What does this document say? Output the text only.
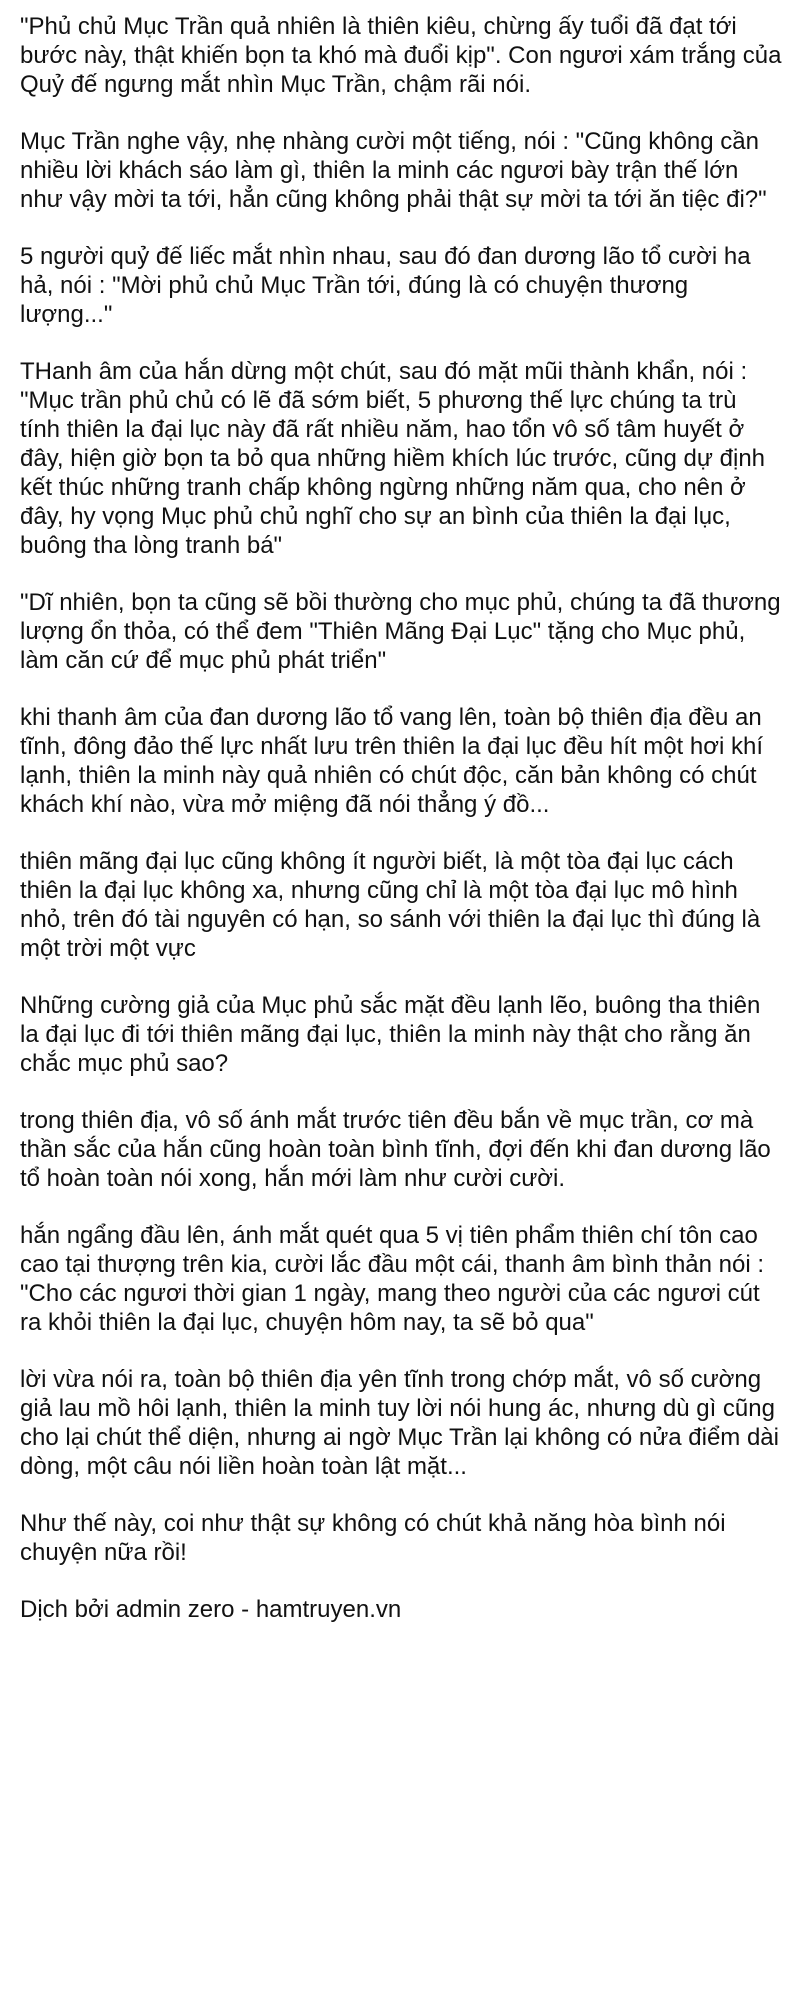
"Phủ chủ Mục Trần quả nhiên là thiên kiêu, chừng ấy tuổi đã đạt tới bước này, thật khiến bọn ta khó mà đuổi kịp". Con ngươi xám trắng của Quỷ đế ngưng mắt nhìn Mục Trần, chậm rãi nói.

Mục Trần nghe vậy, nhẹ nhàng cười một tiếng, nói : "Cũng không cần nhiều lời khách sáo làm gì, thiên la minh các ngươi bày trận thế lớn như vậy mời ta tới, hẳn cũng không phải thật sự mời ta tới ăn tiệc đi?"

5 người quỷ đế liếc mắt nhìn nhau, sau đó đan dương lão tổ cười ha hả, nói : "Mời phủ chủ Mục Trần tới, đúng là có chuyện thương lượng..."

THanh âm của hắn dừng một chút, sau đó mặt mũi thành khẩn, nói : "Mục trần phủ chủ có lẽ đã sớm biết, 5 phương thế lực chúng ta trù tính thiên la đại lục này đã rất nhiều năm, hao tổn vô số tâm huyết ở đây, hiện giờ bọn ta bỏ qua những hiềm khích lúc trước, cũng dự định kết thúc những tranh chấp không ngừng những năm qua, cho nên ở đây, hy vọng Mục phủ chủ nghĩ cho sự an bình của thiên la đại lục, buông tha lòng tranh bá"

"Dĩ nhiên, bọn ta cũng sẽ bồi thường cho mục phủ, chúng ta đã thương lượng ổn thỏa, có thể đem "Thiên Mãng Đại Lục" tặng cho Mục phủ, làm căn cứ để mục phủ phát triển"

khi thanh âm của đan dương lão tổ vang lên, toàn bộ thiên địa đều an tĩnh, đông đảo thế lực nhất lưu trên thiên la đại lục đều hít một hơi khí lạnh, thiên la minh này quả nhiên có chút độc, căn bản không có chút khách khí nào, vừa mở miệng đã nói thẳng ý đồ...

thiên mãng đại lục cũng không ít người biết, là một tòa đại lục cách thiên la đại lục không xa, nhưng cũng chỉ là một tòa đại lục mô hình nhỏ, trên đó tài nguyên có hạn, so sánh với thiên la đại lục thì đúng là một trời một vực

Những cường giả của Mục phủ sắc mặt đều lạnh lẽo, buông tha thiên la đại lục đi tới thiên mãng đại lục, thiên la minh này thật cho rằng ăn chắc mục phủ sao?

trong thiên địa, vô số ánh mắt trước tiên đều bắn về mục trần, cơ mà thần sắc của hắn cũng hoàn toàn bình tĩnh, đợi đến khi đan dương lão tổ hoàn toàn nói xong, hắn mới làm như cười cười.

hắn ngẩng đầu lên, ánh mắt quét qua 5 vị tiên phẩm thiên chí tôn cao cao tại thượng trên kia, cười lắc đầu một cái, thanh âm bình thản nói : "Cho các ngươi thời gian 1 ngày, mang theo người của các ngươi cút ra khỏi thiên la đại lục, chuyện hôm nay, ta sẽ bỏ qua"

lời vừa nói ra, toàn bộ thiên địa yên tĩnh trong chớp mắt, vô số cường giả lau mồ hôi lạnh, thiên la minh tuy lời nói hung ác, nhưng dù gì cũng cho lại chút thể diện, nhưng ai ngờ Mục Trần lại không có nửa điểm dài dòng, một câu nói liền hoàn toàn lật mặt...

Như thế này, coi như thật sự không có chút khả năng hòa bình nói chuyện nữa rồi!

Dịch bởi admin zero - hamtruyen.vn
